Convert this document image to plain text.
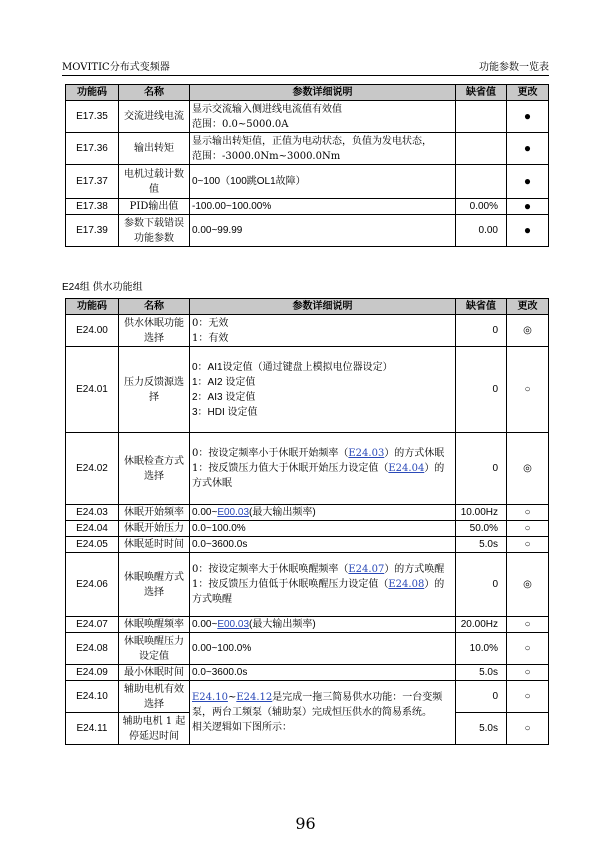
MOVITIC分布式变频器	功能参数一览表
功能码	名称	参数详细说明	缺省值	更改
E17.35	交流进线电流	显示交流输入侧进线电流值有效值
范围：0.0~5000.0A		●
E17.36	输出转矩	显示输出转矩值，正值为电动状态，负值为发电状态，
范围：-3000.0Nm~3000.0Nm		●
E17.37	电机过载计数值	0~100（100跳OL1故障）		●
E17.38	PID输出值	-100.00~100.00%	0.00%	●
E17.39	参数下载错误功能参数	0.00~99.99	0.00	●
E24组 供水功能组
功能码	名称	参数详细说明	缺省值	更改
E24.00	供水休眠功能选择	0：无效
1：有效	0	◎
E24.01	压力反馈源选择	0：AI1设定值（通过键盘上模拟电位器设定）
1：AI2 设定值
2：AI3 设定值
3：HDI 设定值	0	○
E24.02	休眠检查方式选择	0：按设定频率小于休眠开始频率（E24.03）的方式休眠
1：按反馈压力值大于休眠开始压力设定值（E24.04）的方式休眠	0	◎
E24.03	休眠开始频率	0.00~E00.03(最大输出频率)	10.00Hz	○
E24.04	休眠开始压力	0.0~100.0%	50.0%	○
E24.05	休眠延时时间	0.0~3600.0s	5.0s	○
E24.06	休眠唤醒方式选择	0：按设定频率大于休眠唤醒频率（E24.07）的方式唤醒
1：按反馈压力值低于休眠唤醒压力设定值（E24.08）的方式唤醒	0	◎
E24.07	休眠唤醒频率	0.00~E00.03(最大输出频率)	20.00Hz	○
E24.08	休眠唤醒压力设定值	0.00~100.0%	10.0%	○
E24.09	最小休眠时间	0.0~3600.0s	5.0s	○
E24.10	辅助电机有效选择	E24.10~E24.12是完成一拖三简易供水功能：一台变频
泵，两台工频泵（辅助泵）完成恒压供水的简易系统。
相关逻辑如下图所示：	0	○
E24.11	辅助电机 1 起停延迟时间		5.0s	○
96
